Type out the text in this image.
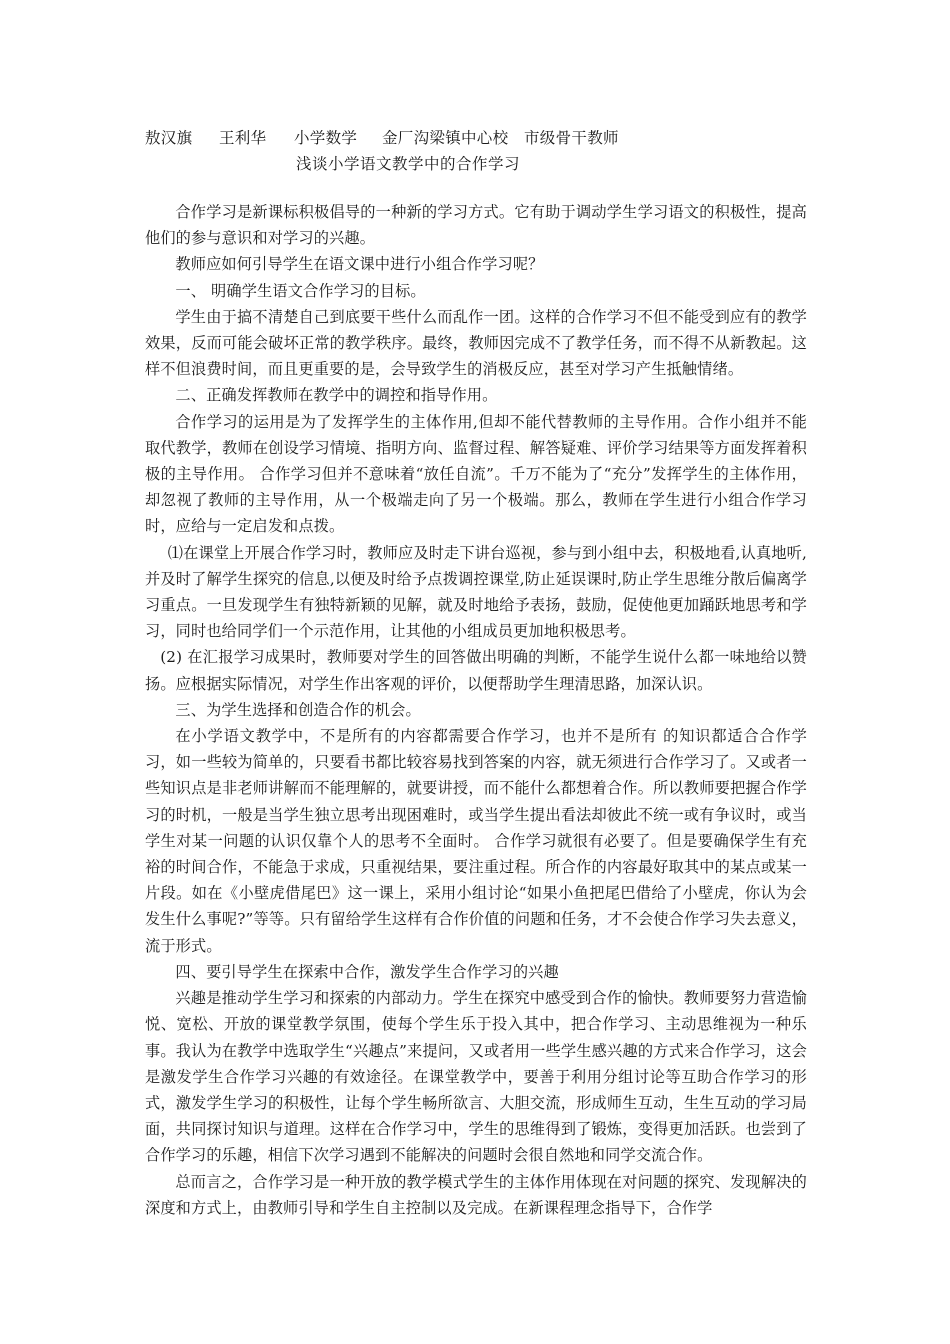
敖汉旗 王利华 小学数学 金厂沟梁镇中心校 市级骨干教师
浅谈小学语文教学中的合作学习

合作学习是新课标积极倡导的一种新的学习方式。它有助于调动学生学习语文的积极性，提高他们的参与意识和对学习的兴趣。

教师应如何引导学生在语文课中进行小组合作学习呢？

一、 明确学生语文合作学习的目标。

学生由于搞不清楚自己到底要干些什么而乱作一团。这样的合作学习不但不能受到应有的教学效果，反而可能会破坏正常的教学秩序。最终，教师因完成不了教学任务，而不得不从新教起。这样不但浪费时间，而且更重要的是，会导致学生的消极反应，甚至对学习产生抵触情绪。

二、正确发挥教师在教学中的调控和指导作用。

合作学习的运用是为了发挥学生的主体作用,但却不能代替教师的主导作用。合作小组并不能取代教学，教师在创设学习情境、指明方向、监督过程、解答疑难、评价学习结果等方面发挥着积极的主导作用。 合作学习但并不意味着“放任自流”。千万不能为了“充分”发挥学生的主体作用，却忽视了教师的主导作用，从一个极端走向了另一个极端。那么，教师在学生进行小组合作学习时，应给与一定启发和点拨。

⑴在课堂上开展合作学习时，教师应及时走下讲台巡视，参与到小组中去，积极地看,认真地听,并及时了解学生探究的信息,以便及时给予点拨调控课堂,防止延误课时,防止学生思维分散后偏离学习重点。一旦发现学生有独特新颖的见解，就及时地给予表扬，鼓励，促使他更加踊跃地思考和学习，同时也给同学们一个示范作用，让其他的小组成员更加地积极思考。

(2) 在汇报学习成果时，教师要对学生的回答做出明确的判断，不能学生说什么都一味地给以赞扬。应根据实际情况，对学生作出客观的评价，以便帮助学生理清思路，加深认识。

三、为学生选择和创造合作的机会。

在小学语文教学中，不是所有的内容都需要合作学习，也并不是所有 的知识都适合合作学习，如一些较为简单的，只要看书都比较容易找到答案的内容，就无须进行合作学习了。又或者一些知识点是非老师讲解而不能理解的，就要讲授，而不能什么都想着合作。所以教师要把握合作学习的时机，一般是当学生独立思考出现困难时，或当学生提出看法却彼此不统一或有争议时，或当学生对某一问题的认识仅靠个人的思考不全面时。 合作学习就很有必要了。但是要确保学生有充裕的时间合作，不能急于求成，只重视结果，要注重过程。所合作的内容最好取其中的某点或某一片段。如在《小壁虎借尾巴》这一课上，采用小组讨论“如果小鱼把尾巴借给了小壁虎，你认为会发生什么事呢?”等等。只有留给学生这样有合作价值的问题和任务，才不会使合作学习失去意义，流于形式。

四、要引导学生在探索中合作，激发学生合作学习的兴趣

兴趣是推动学生学习和探索的内部动力。学生在探究中感受到合作的愉快。教师要努力营造愉悦、宽松、开放的课堂教学氛围，使每个学生乐于投入其中，把合作学习、主动思维视为一种乐事。我认为在教学中选取学生“兴趣点”来提问，又或者用一些学生感兴趣的方式来合作学习，这会是激发学生合作学习兴趣的有效途径。在课堂教学中，要善于利用分组讨论等互助合作学习的形式，激发学生学习的积极性，让每个学生畅所欲言、大胆交流，形成师生互动，生生互动的学习局面，共同探讨知识与道理。这样在合作学习中，学生的思维得到了锻炼，变得更加活跃。也尝到了合作学习的乐趣，相信下次学习遇到不能解决的问题时会很自然地和同学交流合作。

总而言之，合作学习是一种开放的教学模式学生的主体作用体现在对问题的探究、发现解决的深度和方式上，由教师引导和学生自主控制以及完成。在新课程理念指导下，合作学
